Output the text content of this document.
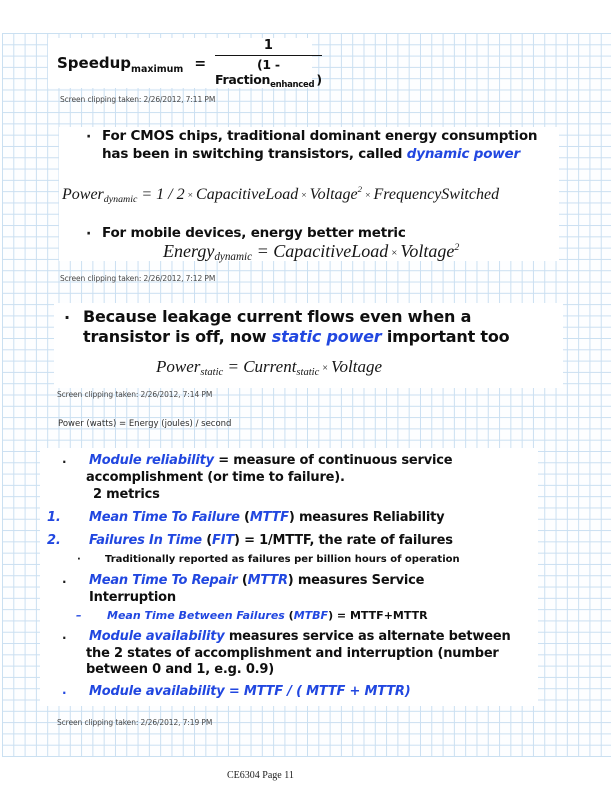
Speedup$_{maximum}$ = $\frac{1}{(1 - Fraction_{enhanced} )}$
Screen clipping taken: 2/26/2012, 7:11 PM
· For CMOS chips, traditional dominant energy consumption
has been in switching transistors, called dynamic power
Powerdynamic = 1 / 2 × CapacitiveLoad × Voltage$^2$× FrequencySwitched
· For mobile devices, energy better metric
Energydynamic = CapacitiveLoad × Voltage$^2$
Screen clipping taken: 2/26/2012, 7:12 PM
· Because leakage current flows even when a
transistor is off, now static power important too
Powerstatic = Currentstatic × Voltage
Screen clipping taken: 2/26/2012, 7:14 PM
Power (watts) = Energy (joules) / second
· Module reliability = measure of continuous service
accomplishment (or time to failure).
2 metrics
1. Mean Time To Failure (MTTF) measures Reliability
2. Failures In Time (FIT) = 1/MTTF, the rate of failures
· Traditionally reported as failures per billion hours of operation
· Mean Time To Repair (MTTR) measures Service
Interruption
– Mean Time Between Failures (MTBF) = MTTF+MTTR
· Module availability measures service as alternate between
the 2 states of accomplishment and interruption (number
between 0 and 1, e.g. 0.9)
· Module availability = MTTF / ( MTTF + MTTR)
Screen clipping taken: 2/26/2012, 7:19 PM
CE6304 Page 11
